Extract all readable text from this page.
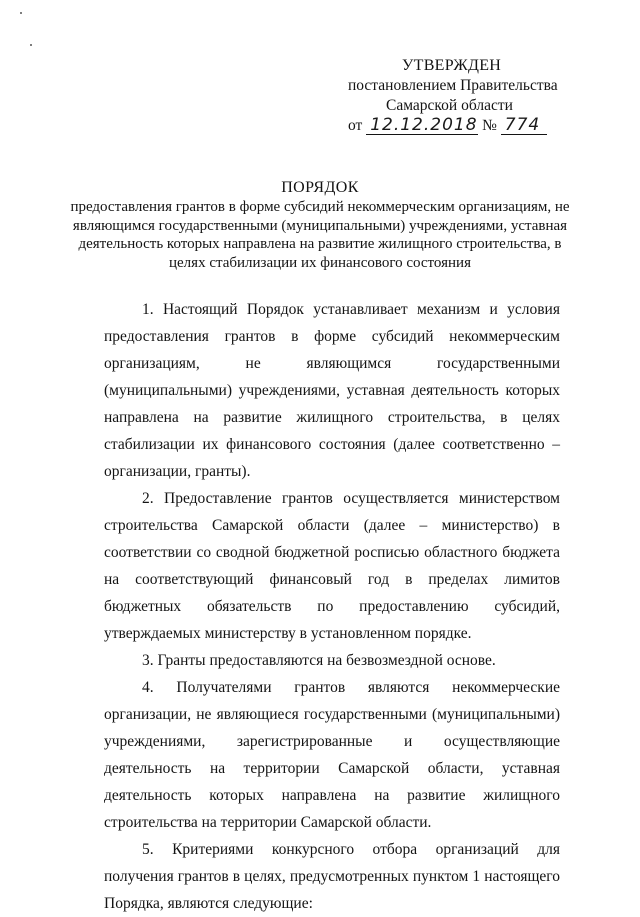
УТВЕРЖДЕН
постановлением Правительства
Самарской области
от 12.12.2018 № 774
ПОРЯДОК
предоставления грантов в форме субсидий некоммерческим организациям, не являющимся государственными (муниципальными) учреждениями, уставная деятельность которых направлена на развитие жилищного строительства, в целях стабилизации их финансового состояния

1. Настоящий Порядок устанавливает механизм и условия предоставления грантов в форме субсидий некоммерческим организациям, не являющимся государственными (муниципальными) учреждениями, уставная деятельность которых направлена на развитие жилищного строительства, в целях стабилизации их финансового состояния (далее соответственно – организации, гранты).

2. Предоставление грантов осуществляется министерством строительства Самарской области (далее – министерство) в соответствии со сводной бюджетной росписью областного бюджета на соответствующий финансовый год в пределах лимитов бюджетных обязательств по предоставлению субсидий, утверждаемых министерству в установленном порядке.

3. Гранты предоставляются на безвозмездной основе.

4. Получателями грантов являются некоммерческие организации, не являющиеся государственными (муниципальными) учреждениями, зарегистрированные и осуществляющие деятельность на территории Самарской области, уставная деятельность которых направлена на развитие жилищного строительства на территории Самарской области.

5. Критериями конкурсного отбора организаций для получения грантов в целях, предусмотренных пунктом 1 настоящего Порядка, являются следующие:
